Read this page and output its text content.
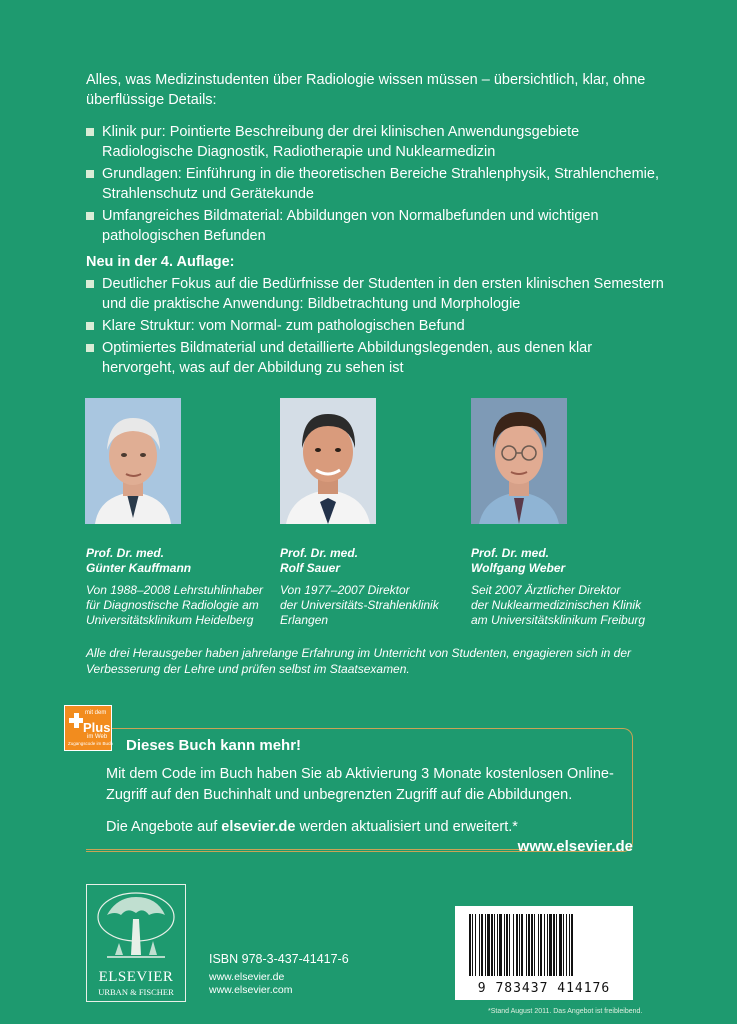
Alles, was Medizinstudenten über Radiologie wissen müssen – übersichtlich, klar, ohne überflüssige Details:
Klinik pur: Pointierte Beschreibung der drei klinischen Anwendungsgebiete Radiologische Diagnostik, Radiotherapie und Nuklearmedizin
Grundlagen: Einführung in die theoretischen Bereiche Strahlenphysik, Strahlenchemie, Strahlenschutz und Gerätekunde
Umfangreiches Bildmaterial: Abbildungen von Normalbefunden und wichtigen pathologischen Befunden
Neu in der 4. Auflage:
Deutlicher Fokus auf die Bedürfnisse der Studenten in den ersten klinischen Semestern und die praktische Anwendung: Bildbetrachtung und Morphologie
Klare Struktur: vom Normal- zum pathologischen Befund
Optimiertes Bildmaterial und detaillierte Abbildungslegenden, aus denen klar hervorgeht, was auf der Abbildung zu sehen ist
Prof. Dr. med.
Günter Kauffmann
Von 1988–2008 Lehrstuhlinhaber
für Diagnostische Radiologie am
Universitätsklinikum Heidelberg
Prof. Dr. med.
Rolf Sauer
Von 1977–2007 Direktor
der Universitäts-Strahlenklinik
Erlangen
Prof. Dr. med.
Wolfgang Weber
Seit 2007 Ärztlicher Direktor
der Nuklearmedizinischen Klinik
am Universitätsklinikum Freiburg
Alle drei Herausgeber haben jahrelange Erfahrung im Unterricht von Studenten, engagieren sich in der Verbesserung der Lehre und prüfen selbst im Staatsexamen.
mit dem
Plus
im Web
Zugangscode im Buch Dieses Buch kann mehr!
Mit dem Code im Buch haben Sie ab Aktivierung 3 Monate kostenlosen Online-Zugriff auf den Buchinhalt und unbegrenzten Zugriff auf die Abbildungen.
Die Angebote auf elsevier.de werden aktualisiert und erweitert.*
www.elsevier.de
ELSEVIER
URBAN & FISCHER
ISBN 978-3-437-41417-6
www.elsevier.de
www.elsevier.com	9 783437 414176
*Stand August 2011. Das Angebot ist freibleibend.
